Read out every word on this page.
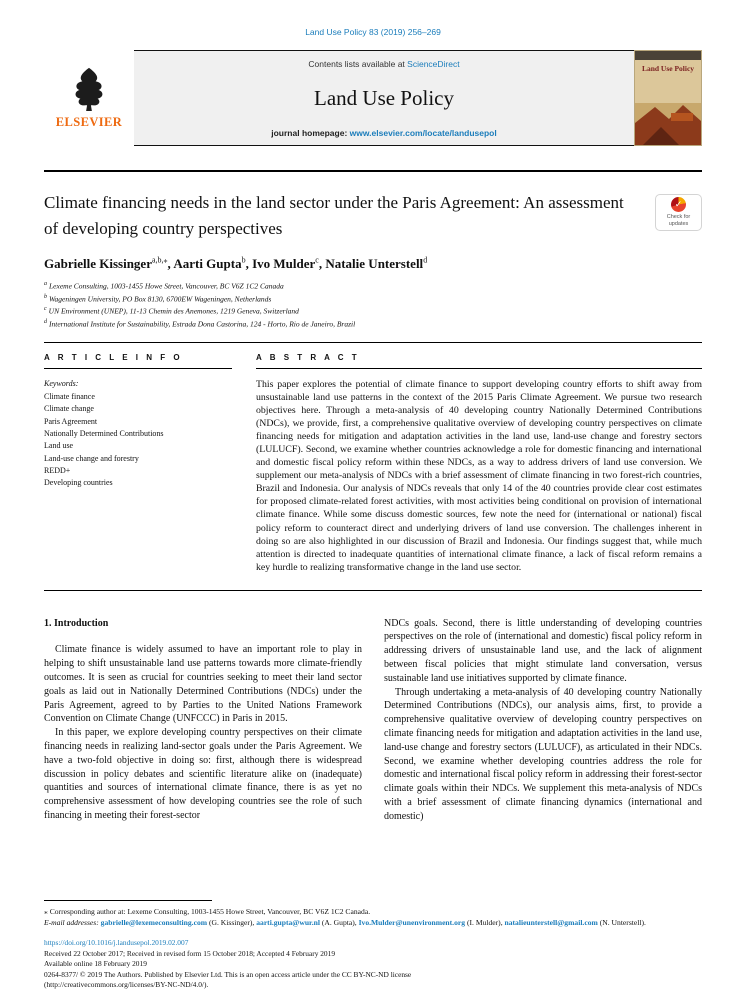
Land Use Policy 83 (2019) 256–269
ELSEVIER
Contents lists available at ScienceDirect
Land Use Policy
journal homepage: www.elsevier.com/locate/landusepol
Land Use Policy
Climate financing needs in the land sector under the Paris Agreement: An assessment of developing country perspectives
✓
Check for updates
Gabrielle Kissinger$^{a,b,⁎}$, Aarti Gupta$^b$, Ivo Mulder$^c$, Natalie Unterstell$^d$
$^a$ Lexeme Consulting, 1003-1455 Howe Street, Vancouver, BC V6Z 1C2 Canada
$^b$ Wageningen University, PO Box 8130, 6700EW Wageningen, Netherlands
$^c$ UN Environment (UNEP), 11-13 Chemin des Anemones, 1219 Geneva, Switzerland
$^d$ International Institute for Sustainability, Estrada Dona Castorina, 124 - Horto, Rio de Janeiro, Brazil
A R T I C L E I N F O
Keywords:
Climate finance
Climate change
Paris Agreement
Nationally Determined Contributions
Land use
Land-use change and forestry
REDD+
Developing countries
A B S T R A C T
This paper explores the potential of climate finance to support developing country efforts to shift away from unsustainable land use patterns in the context of the 2015 Paris Climate Agreement. We pursue two research objectives here. Through a meta-analysis of 40 developing country Nationally Determined Contributions (NDCs), we provide, first, a comprehensive qualitative overview of developing country perspectives on climate financing needs for mitigation and adaptation activities in the land use, land-use change and forestry sectors (LULUCF). Second, we examine whether countries acknowledge a role for domestic financing and international and domestic fiscal policy reform within these NDCs, as a way to address drivers of land use conversion. We supplement our meta-analysis of NDCs with a brief assessment of climate financing in two forest-rich countries, Brazil and Indonesia. Our analysis of NDCs reveals that only 14 of the 40 countries provide clear cost estimates for proposed climate-related forest activities, with most activities being conditional on provision of international climate finance. While some discuss domestic sources, few note the need for (international or national) fiscal policy reform to counteract direct and underlying drivers of land use conversion. The challenges inherent in doing so are also highlighted in our discussion of Brazil and Indonesia. Our findings suggest that, while much attention is directed to inadequate quantities of international climate finance, a lack of fiscal reform remains a key hurdle to realizing transformative change in the land use sector.
1. Introduction

Climate finance is widely assumed to have an important role to play in helping to shift unsustainable land use patterns towards more climate-friendly outcomes. It is seen as crucial for countries seeking to meet their land sector goals as laid out in Nationally Determined Contributions (NDCs) under the Paris Agreement, agreed to by Parties to the United Nations Framework Convention on Climate Change (UNFCCC) in Paris in 2015.

In this paper, we explore developing country perspectives on their climate financing needs in realizing land-sector goals under the Paris Agreement. We have a two-fold objective in doing so: first, although there is widespread discussion in policy debates and scientific literature alike on (inadequate) quantities and sources of international climate finance, there is as yet no comprehensive assessment of how developing countries see the role of such financing in meeting their forest-sector

NDCs goals. Second, there is little understanding of developing countries perspectives on the role of (international and domestic) fiscal policy reform in addressing drivers of unsustainable land use, and the lack of alignment between fiscal policies that might stimulate land conversation, versus sustainable land use initiatives supported by climate finance.

Through undertaking a meta-analysis of 40 developing country Nationally Determined Contributions (NDCs), our analysis aims, first, to provide a comprehensive qualitative overview of developing country perspectives on climate financing needs for mitigation and adaptation activities in the land use, land-use change and forestry sectors (LULUCF), as articulated in their NDCs. Second, we examine whether developing countries address the role for domestic and international fiscal policy reform in addressing their forest-sector climate goals within their NDCs. We supplement this meta-analysis of NDCs with a brief assessment of climate financing dynamics (international and domestic)

⁎ Corresponding author at: Lexeme Consulting, 1003-1455 Howe Street, Vancouver, BC V6Z 1C2 Canada.
E-mail addresses: gabrielle@lexemeconsulting.com (G. Kissinger), aarti.gupta@wur.nl (A. Gupta), Ivo.Mulder@unenvironment.org (I. Mulder), natalieunterstell@gmail.com (N. Unterstell).
https://doi.org/10.1016/j.landusepol.2019.02.007
Received 22 October 2017; Received in revised form 15 October 2018; Accepted 4 February 2019
Available online 18 February 2019
0264-8377/ © 2019 The Authors. Published by Elsevier Ltd. This is an open access article under the CC BY-NC-ND license
(http://creativecommons.org/licenses/BY-NC-ND/4.0/).
